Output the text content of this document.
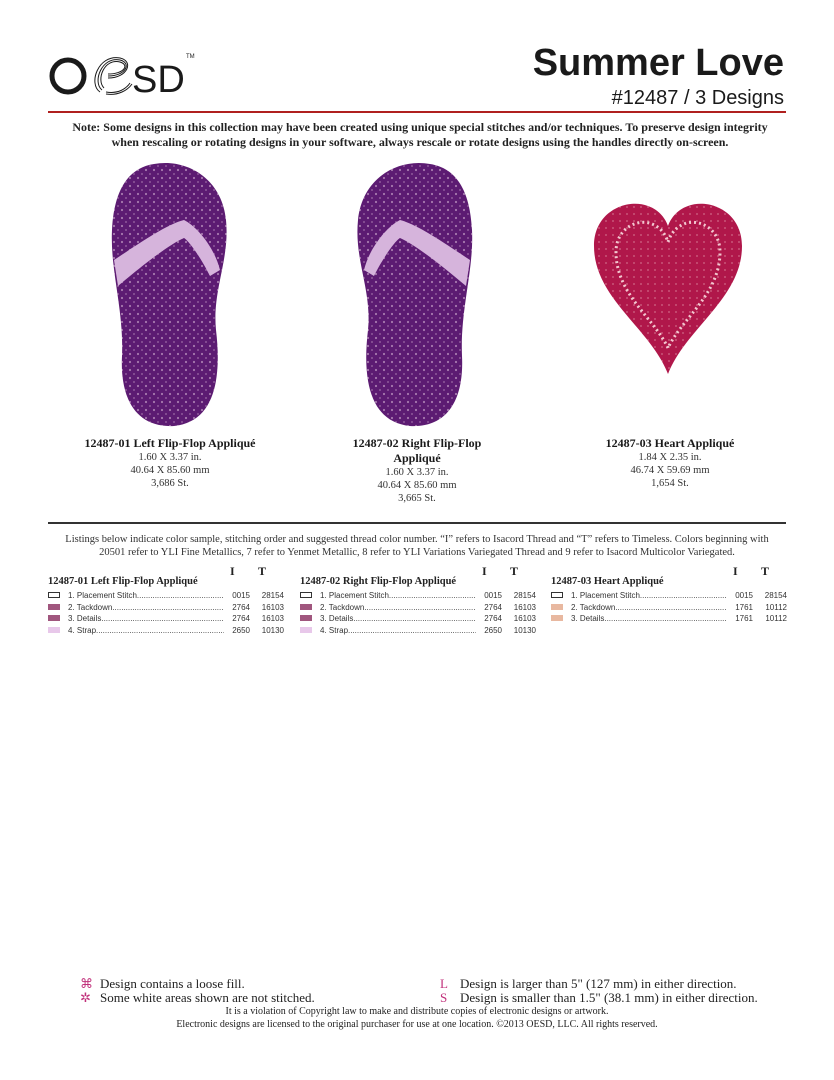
SD
TM	Summer Love
#12487 / 3 Designs
Note: Some designs in this collection may have been created using unique special stitches and/or techniques. To preserve design integrity when rescaling or rotating designs in your software, always rescale or rotate designs using the handles directly on-screen.
12487-01 Left Flip-Flop Appliqué
1.60 X 3.37 in.
40.64 X 85.60 mm
3,686 St.
12487-02 Right Flip-Flop Appliqué
1.60 X 3.37 in.
40.64 X 85.60 mm
3,665 St.
12487-03 Heart Appliqué
1.84 X 2.35 in.
46.74 X 59.69 mm
1,654 St.
Listings below indicate color sample, stitching order and suggested thread color number. “I” refers to Isacord Thread and “T” refers to Timeless. Colors beginning with 20501 refer to YLI Fine Metallics, 7 refer to Yenmet Metallic, 8 refer to YLI Variations Variegated Thread and 9 refer to Isacord Multicolor Variegated.
I T
12487-01 Left Flip-Flop Appliqué
1. Placement Stitch .....	0015	28154
2. Tackdown .....	2764	16103
3. Details .....	2764	16103
4. Strap .....	2650	10130
I T
12487-02 Right Flip-Flop Appliqué
1. Placement Stitch .....	0015	28154
2. Tackdown .....	2764	16103
3. Details .....	2764	16103
4. Strap .....	2650	10130
I T
12487-03 Heart Appliqué
1. Placement Stitch .....	0015	28154
2. Tackdown .....	1761	10112
3. Details .....	1761	10112
⌘ Design contains a loose fill.
✲ Some white areas shown are not stitched.
L Design is larger than 5" (127 mm) in either direction.
S Design is smaller than 1.5" (38.1 mm) in either direction.
It is a violation of Copyright law to make and distribute copies of electronic designs or artwork.
Electronic designs are licensed to the original purchaser for use at one location. ©2013 OESD, LLC. All rights reserved.
